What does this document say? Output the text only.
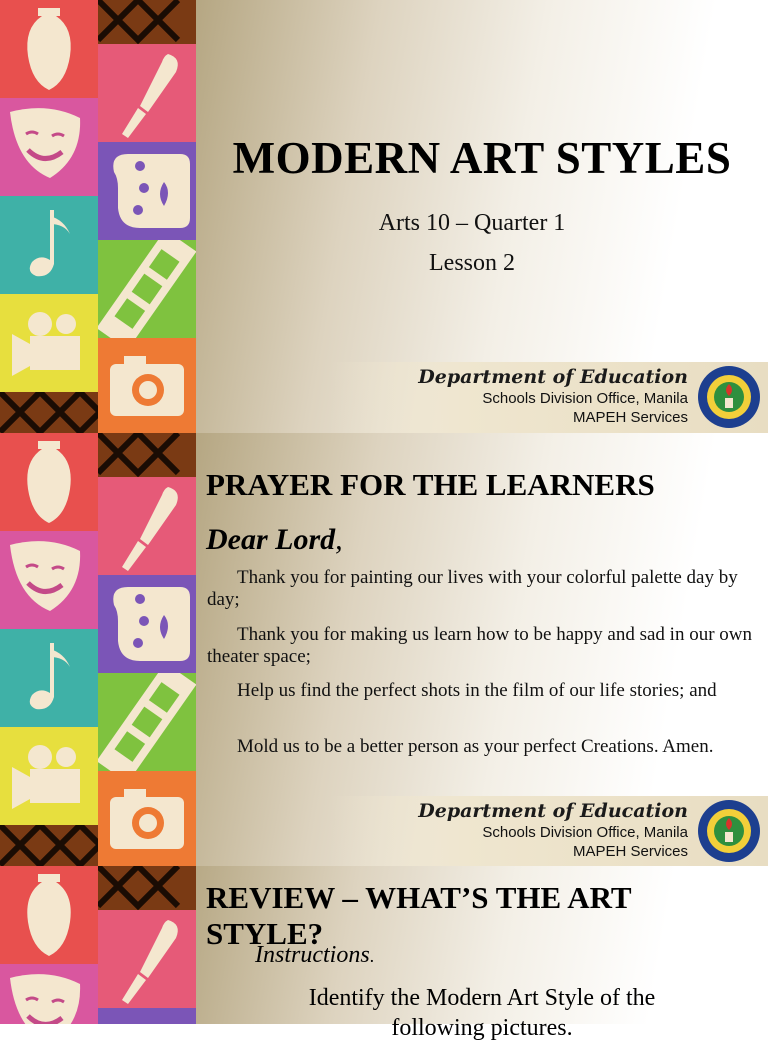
MODERN ART STYLES
Arts 10 – Quarter 1
Lesson 2
Department of Education
Schools Division Office, Manila
MAPEH Services
PRAYER FOR THE LEARNERS
Dear Lord,
Thank you for painting our lives with your colorful palette day by day;
Thank you for making us learn how to be happy and sad in our own theater space;
Help us find the perfect shots in the film of our life stories; and
Mold us to be a better person as your perfect Creations. Amen.
Department of Education
Schools Division Office, Manila
MAPEH Services
REVIEW – WHAT’S THE ART
STYLE?
Instructions.
Identify the Modern Art Style of the
following pictures.
